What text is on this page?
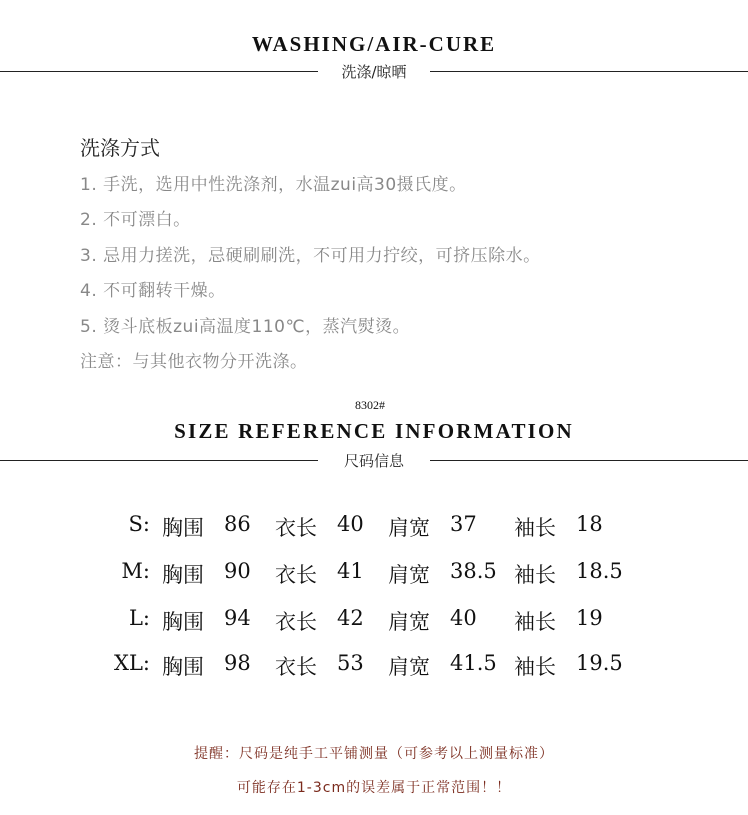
WASHING/AIR-CURE
洗涤/晾晒
洗涤方式
1. 手洗，选用中性洗涤剂，水温zui高30摄氏度。
2. 不可漂白。
3. 忌用力搓洗，忌硬刷刷洗，不可用力拧绞，可挤压除水。
4. 不可翻转干燥。
5. 烫斗底板zui高温度110℃，蒸汽熨烫。
注意：与其他衣物分开洗涤。
8302#
SIZE REFERENCE INFORMATION
尺码信息
S: 胸围 86 衣长 40 肩宽 37 袖长 18
M: 胸围 90 衣长 41 肩宽 38.5 袖长 18.5
L: 胸围 94 衣长 42 肩宽 40 袖长 19
XL: 胸围 98 衣长 53 肩宽 41.5 袖长 19.5
提醒：尺码是纯手工平铺测量（可参考以上测量标准）
可能存在1-3cm的误差属于正常范围！！
